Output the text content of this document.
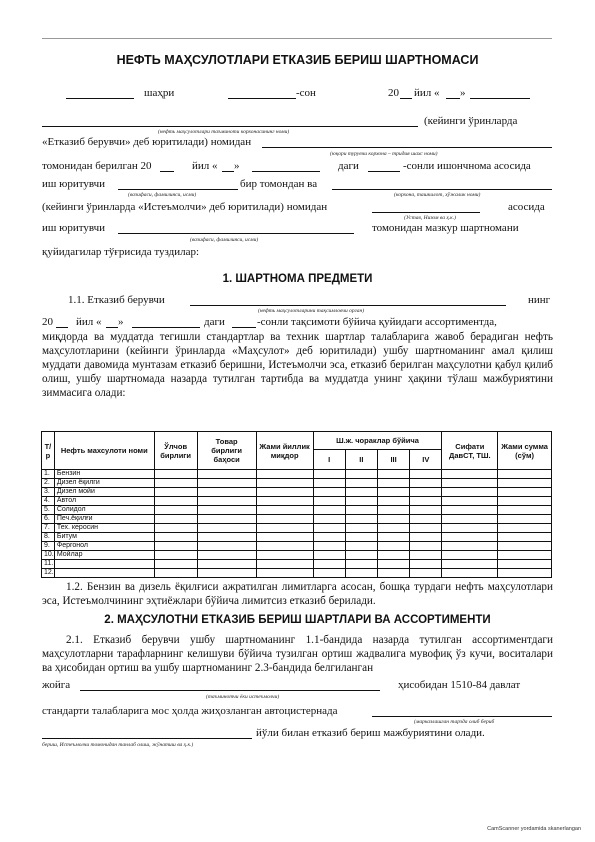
НЕФТЬ МАҲСУЛОТЛАРИ ЕТКАЗИБ БЕРИШ ШАРТНОМАСИ
шаҳри	-сон	20 йил « »
(кейинги ўринларда
(нефть маҳсулотлари таъминоти корхонасининг номи)
«Етказиб берувчи» деб юритилади) номидан
(юқори турувчи корхона – тридия шахс номи)
томонидан берилган 20	йил « »	даги	-сонли ишончнома асосида
иш юритувчи	бир томондан ва
(вазифаси, фамилияси, исми)	(корхона, ташкилот, хўжалик номи)
(кейинги ўринларда «Истеъмолчи» деб юритилади) номидан	асосида
(Устав, Низом ва ҳ.к.)
иш юритувчи	томонидан мазкур шартномани
(вазифаси, фамилияси, исми)
қуйидагилар тўғрисида туздилар:
1. ШАРТНОМА ПРЕДМЕТИ
1.1. Етказиб берувчи	нинг
(нефть маҳсулотларини тақсимловчи орган)
20 йил « »	даги	-сонли тақсимоти бўйича қуйидаги ассортиментда,
миқдорда ва муддатда тегишли стандартлар ва техник шартлар талабларига жавоб берадиган нефть маҳсулотларини (кейинги ўринларда «Маҳсулот» деб юритилади) ушбу шартноманинг амал қилиш муддати давомида мунтазам етказиб беришни, Истеъмолчи эса, етказиб берилган маҳсулотни қабул қилиб олиш, ушбу шартномада назарда тутилган тартибда ва муддатда унинг ҳақини тўлаш мажбуриятини зиммасига олади:
Т/р	Нефть махсулоти номи	Ўлчов бирлиги	Товар бирлиги баҳоси	Жами йиллик миқдор	Ш.ж. чораклар бўйича				Сифати ДавСТ, ТШ.	Жами сумма (сўм)
					I	II	III	IV		
1.	Бензин									
2.	Дизел ёқилги									
3.	Дизел мойи									
4.	Автол									
5.	Солидол									
6.	Печ.ёқилғи									
7.	Тех. керосин									
8.	Битум									
9.	Фергонол									
10.	Мойлар									
11.										
12.										
1.2. Бензин ва дизель ёқилғиси ажратилган лимитларга асосан, бошқа турдаги нефть маҳсулотлари эса, Истеъмолчининг эҳтиёжлари бўйича лимитсиз етказиб берилади.
2. МАҲСУЛОТНИ ЕТКАЗИБ БЕРИШ ШАРТЛАРИ ВА АССОРТИМЕНТИ
2.1. Етказиб берувчи ушбу шартноманинг 1.1-бандида назарда тутилган ассортиментдаги маҳсулотларни тарафларнинг келишуви бўйича тузилган ортиш жадвалига мувофиқ ўз кучи, воситалари ва ҳисобидан ортиш ва ушбу шартноманинг 2.3-бандида белгиланган
жойга	ҳисобидан 1510-84 давлат
(таъминотчи ёки истеъмолчи)
стандарти талабларига мос ҳолда жиҳозланган автоцистернада
(марказлашган тарзда олиб бериб
йўли билан етказиб бериш мажбуриятини олади.
бериш, Истеъмолчи томонидан танлаб олиш, жўнатиш ва ҳ.к.)
CamScanner yordamida skanerlangan
